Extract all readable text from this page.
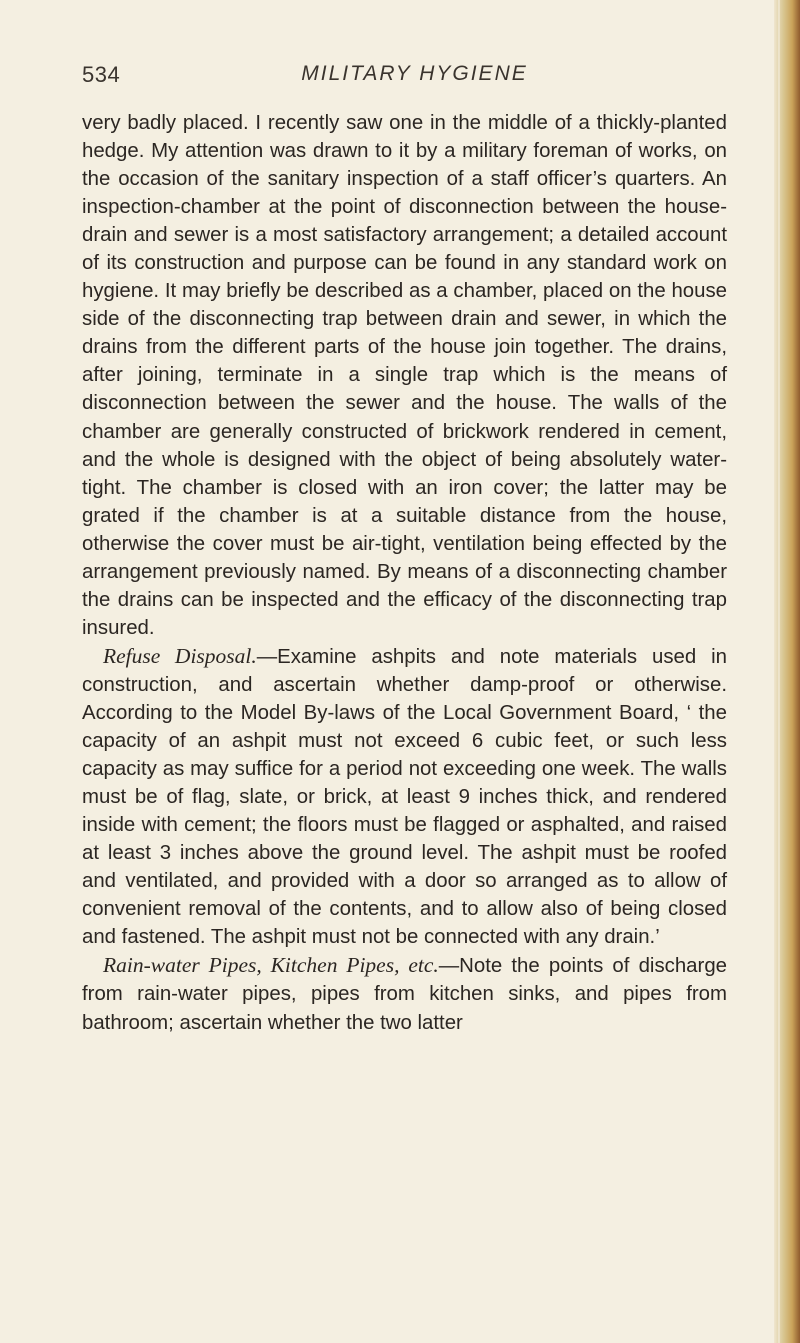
534	MILITARY HYGIENE

very badly placed. I recently saw one in the middle of a thickly-planted hedge. My attention was drawn to it by a military foreman of works, on the occasion of the sanitary inspection of a staff officer’s quarters. An inspection-chamber at the point of disconnection between the house-drain and sewer is a most satisfactory arrangement; a detailed account of its construction and purpose can be found in any standard work on hygiene. It may briefly be described as a chamber, placed on the house side of the disconnecting trap between drain and sewer, in which the drains from the different parts of the house join together. The drains, after joining, terminate in a single trap which is the means of disconnection between the sewer and the house. The walls of the chamber are generally constructed of brickwork rendered in cement, and the whole is designed with the object of being absolutely water-tight. The chamber is closed with an iron cover; the latter may be grated if the chamber is at a suitable distance from the house, otherwise the cover must be air-tight, ventilation being effected by the arrangement previously named. By means of a disconnecting chamber the drains can be inspected and the efficacy of the disconnecting trap insured.

Refuse Disposal.—Examine ashpits and note materials used in construction, and ascertain whether damp-proof or otherwise. According to the Model By-laws of the Local Government Board, ‘ the capacity of an ashpit must not exceed 6 cubic feet, or such less capacity as may suffice for a period not exceeding one week. The walls must be of flag, slate, or brick, at least 9 inches thick, and rendered inside with cement; the floors must be flagged or asphalted, and raised at least 3 inches above the ground level. The ashpit must be roofed and ventilated, and provided with a door so arranged as to allow of convenient removal of the contents, and to allow also of being closed and fastened. The ashpit must not be connected with any drain.’

Rain-water Pipes, Kitchen Pipes, etc.—Note the points of discharge from rain-water pipes, pipes from kitchen sinks, and pipes from bathroom; ascertain whether the two latter
